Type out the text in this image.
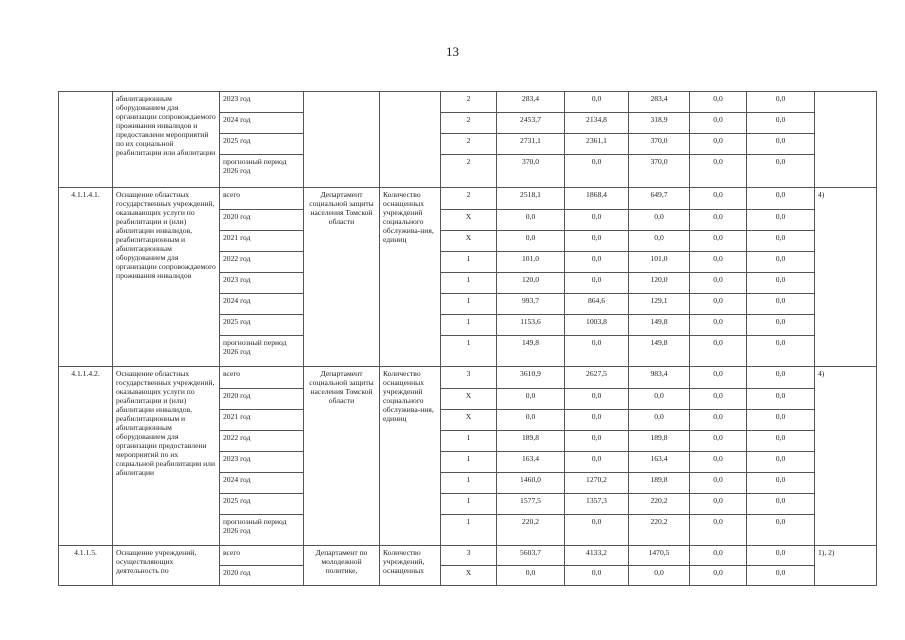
13
	абилитационным оборудованием для организации сопровождаемого проживания инвалидов и предоставлени мероприятий по их социальной реабилитации или абилитации	2023 год			2	283,4	0,0	283,4	0,0	0,0	
		2024 год			2	2453,7	2134,8	318,9	0,0	0,0	
		2025 год			2	2731,1	2361,1	370,0	0,0	0,0	
		прогнозный период 2026 год			2	370,0	0,0	370,0	0,0	0,0	
4.1.1.4.1.	Оснащение областных государственных учреждений, оказывающих услуги по реабилитации и (или) абилитации инвалидов, реабилитационным и абилитационным оборудованием для организации сопровождаемого проживания инвалидов	всего	Департамент социальной защиты населения Томской области	Количество оснащенных учреждений социального обслужива-ния, единиц	2	2518,1	1868,4	649,7	0,0	0,0	4)
		2020 год			X	0,0	0,0	0,0	0,0	0,0	
		2021 год			X	0,0	0,0	0,0	0,0	0,0	
		2022 год			1	101,0	0,0	101,0	0,0	0,0	
		2023 год			1	120,0	0,0	120,0	0,0	0,0	
		2024 год			1	993,7	864,6	129,1	0,0	0,0	
		2025 год			1	1153,6	1003,8	149,8	0,0	0,0	
		прогнозный период 2026 год			1	149,8	0,0	149,8	0,0	0,0	
4.1.1.4.2.	Оснащение областных государственных учреждений, оказывающих услуги по реабилитации и (или) абилитации инвалидов, реабилитационным и абилитационным оборудованием для организации предоставлени мероприятий по их социальной реабилитации или абилитации	всего	Департамент социальной защиты населения Томской области	Количество оснащенных учреждений социального обслужива-ния, единиц	3	3610,9	2627,5	983,4	0,0	0,0	4)
		2020 год			X	0,0	0,0	0,0	0,0	0,0	
		2021 год			X	0,0	0,0	0,0	0,0	0,0	
		2022 год			1	189,8	0,0	189,8	0,0	0,0	
		2023 год			1	163,4	0,0	163,4	0,0	0,0	
		2024 год			1	1460,0	1270,2	189,8	0,0	0,0	
		2025 год			1	1577,5	1357,3	220,2	0,0	0,0	
		прогнозный период 2026 год			1	220,2	0,0	220,2	0,0	0,0	
4.1.1.5.	Оснащение учреждений, осуществляющих деятельность по	всего	Департамент по молодежной политике,	Количество учреждений, оснащенных	3	5603,7	4133,2	1470,5	0,0	0,0	1), 2)
		2020 год			X	0,0	0,0	0,0	0,0	0,0	
